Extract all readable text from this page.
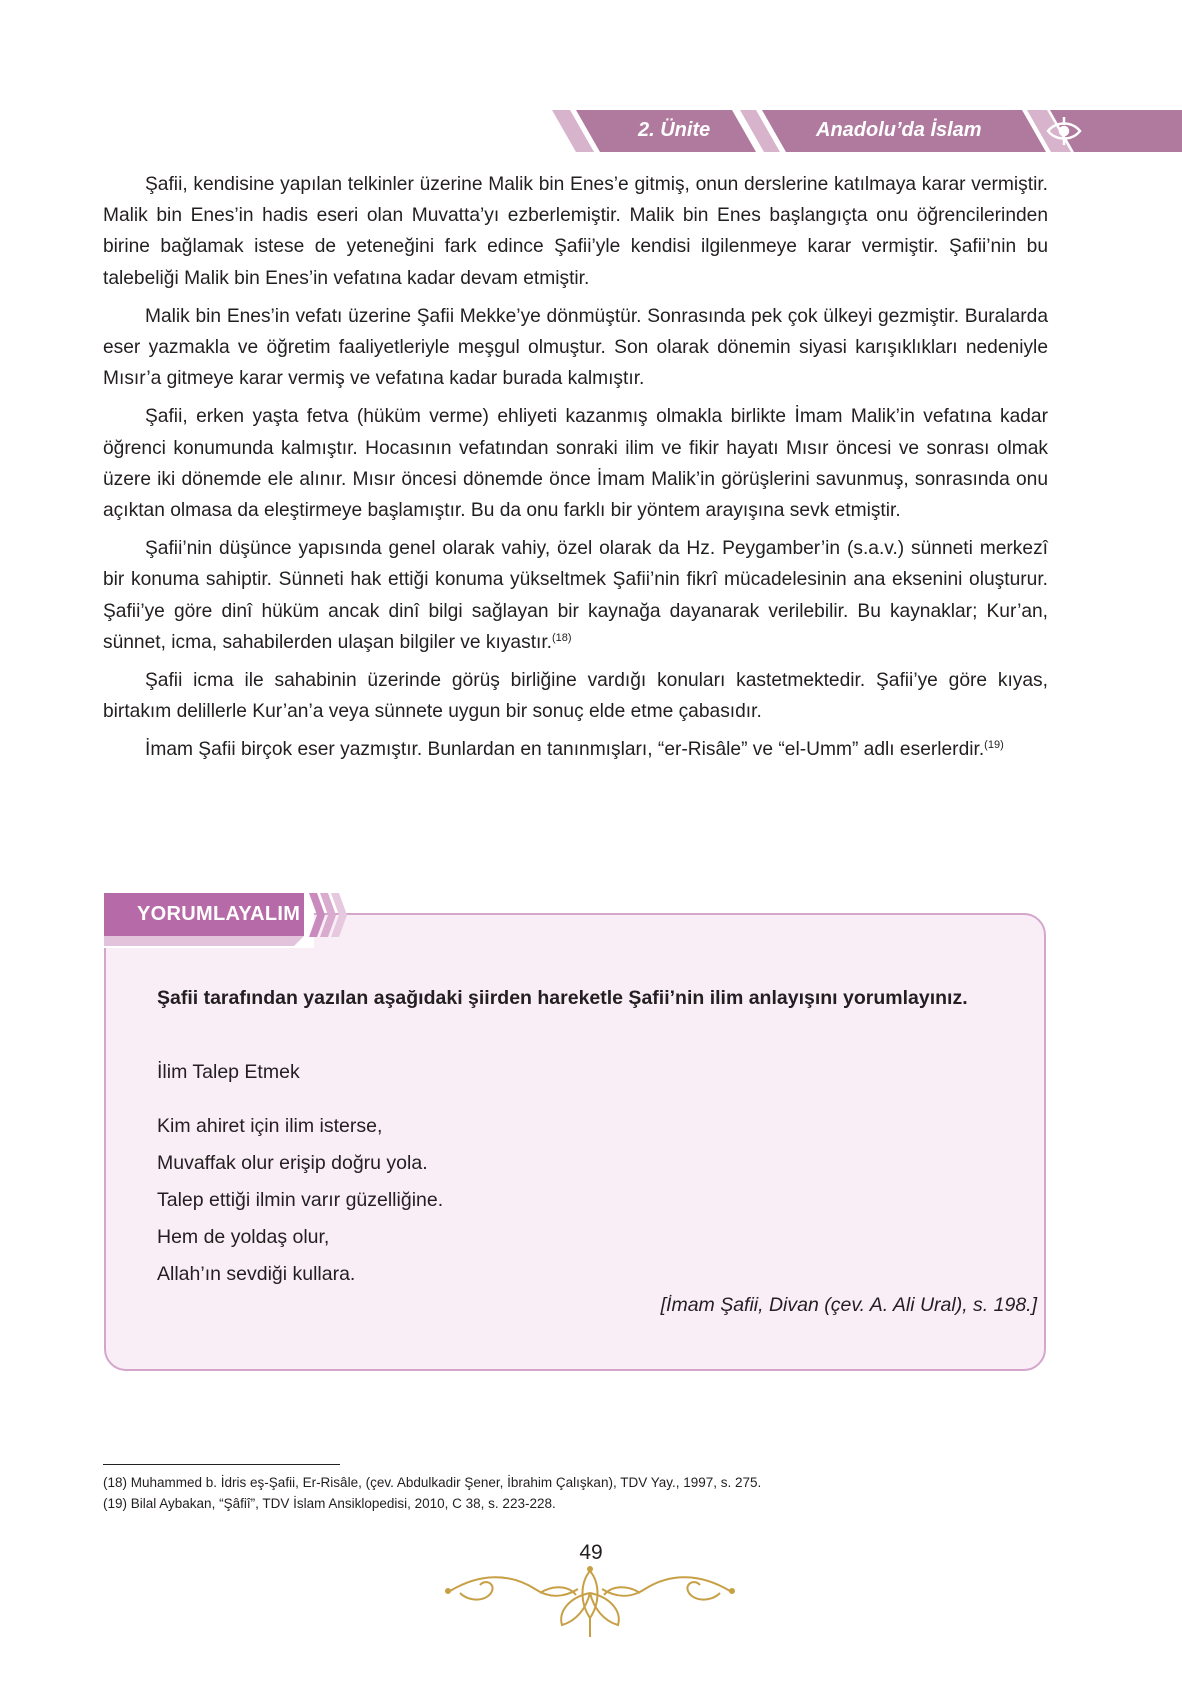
2. Ünite	Anadolu’da İslam

Şafii, kendisine yapılan telkinler üzerine Malik bin Enes’e gitmiş, onun derslerine katılmaya karar vermiştir. Malik bin Enes’in hadis eseri olan Muvatta’yı ezberlemiştir. Malik bin Enes başlangıçta onu öğrencilerinden birine bağlamak istese de yeteneğini fark edince Şafii’yle kendisi ilgilenmeye karar vermiştir. Şafii’nin bu talebeliği Malik bin Enes’in vefatına kadar devam etmiştir.

Malik bin Enes’in vefatı üzerine Şafii Mekke’ye dönmüştür. Sonrasında pek çok ülkeyi gezmiştir. Buralarda eser yazmakla ve öğretim faaliyetleriyle meşgul olmuştur. Son olarak dönemin siyasi karışıklıkları nedeniyle Mısır’a gitmeye karar vermiş ve vefatına kadar burada kalmıştır.

Şafii, erken yaşta fetva (hüküm verme) ehliyeti kazanmış olmakla birlikte İmam Malik’in vefatına kadar öğrenci konumunda kalmıştır. Hocasının vefatından sonraki ilim ve fikir hayatı Mısır öncesi ve sonrası olmak üzere iki dönemde ele alınır. Mısır öncesi dönemde önce İmam Malik’in görüşlerini savunmuş, sonrasında onu açıktan olmasa da eleştirmeye başlamıştır. Bu da onu farklı bir yöntem arayışına sevk etmiştir.

Şafii’nin düşünce yapısında genel olarak vahiy, özel olarak da Hz. Peygamber’in (s.a.v.) sünneti merkezî bir konuma sahiptir. Sünneti hak ettiği konuma yükseltmek Şafii’nin fikrî mücadelesinin ana eksenini oluşturur. Şafii’ye göre dinî hüküm ancak dinî bilgi sağlayan bir kaynağa dayanarak verilebilir. Bu kaynaklar; Kur’an, sünnet, icma, sahabilerden ulaşan bilgiler ve kıyastır.$^{(18)}$

Şafii icma ile sahabinin üzerinde görüş birliğine vardığı konuları kastetmektedir. Şafii’ye göre kıyas, birtakım delillerle Kur’an’a veya sünnete uygun bir sonuç elde etme çabasıdır.

İmam Şafii birçok eser yazmıştır. Bunlardan en tanınmışları, “er-Risâle” ve “el-Umm” adlı eserlerdir.$^{(19)}$

YORUMLAYALIM
Şafii tarafından yazılan aşağıdaki şiirden hareketle Şafii’nin ilim anlayışını yorumlayınız.
İlim Talep Etmek
Kim ahiret için ilim isterse,
Muvaffak olur erişip doğru yola.
Talep ettiği ilmin varır güzelliğine.
Hem de yoldaş olur,
Allah’ın sevdiği kullara.
[İmam Şafii, Divan (çev. A. Ali Ural), s. 198.]
(18) Muhammed b. İdris eş-Şafii, Er-Risâle, (çev. Abdulkadir Şener, İbrahim Çalışkan), TDV Yay., 1997, s. 275.
(19) Bilal Aybakan, “Şâfiî”, TDV İslam Ansiklopedisi, 2010, C 38, s. 223-228.
49
